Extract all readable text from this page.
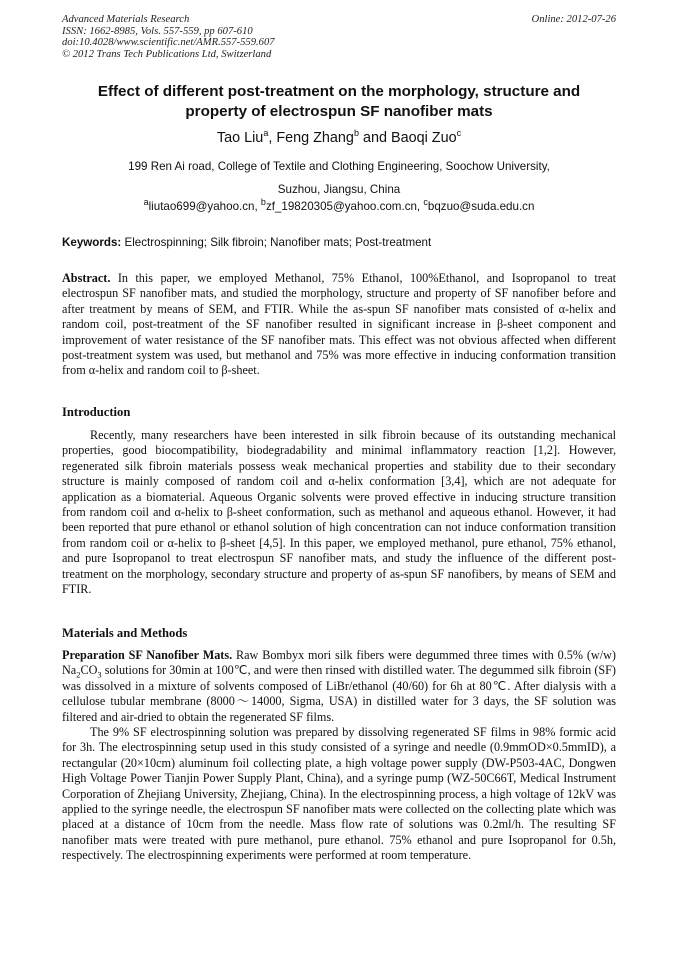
Advanced Materials Research
ISSN: 1662-8985, Vols. 557-559, pp 607-610
doi:10.4028/www.scientific.net/AMR.557-559.607
© 2012 Trans Tech Publications Ltd, Switzerland
Online: 2012-07-26
Effect of different post-treatment on the morphology, structure and
property of electrospun SF nanofiber mats
Tao Liu$^a$, Feng Zhang$^b$ and Baoqi Zuo$^c$
199 Ren Ai road, College of Textile and Clothing Engineering, Soochow University,
Suzhou, Jiangsu, China
$^a$liutao699@yahoo.cn, $^b$zf_19820305@yahoo.com.cn, $^c$bqzuo@suda.edu.cn
Keywords: Electrospinning; Silk fibroin; Nanofiber mats; Post-treatment

Abstract. In this paper, we employed Methanol, 75% Ethanol, 100%Ethanol, and Isopropanol to treat electrospun SF nanofiber mats, and studied the morphology, structure and property of SF nanofiber before and after treatment by means of SEM, and FTIR. While the as-spun SF nanofiber mats consisted of α-helix and random coil, post-treatment of the SF nanofiber resulted in significant increase in β-sheet component and improvement of water resistance of the SF nanofiber mats. This effect was not obvious affected when different post-treatment system was used, but methanol and 75% was more effective in inducing conformation transition from α-helix and random coil to β-sheet.

Introduction

Recently, many researchers have been interested in silk fibroin because of its outstanding mechanical properties, good biocompatibility, biodegradability and minimal inflammatory reaction [1,2]. However, regenerated silk fibroin materials possess weak mechanical properties and stability due to their secondary structure is mainly composed of random coil and α-helix conformation [3,4], which are not adequate for application as a biomaterial. Aqueous Organic solvents were proved effective in inducing structure transition from random coil and α-helix to β-sheet conformation, such as methanol and aqueous ethanol. However, it had been reported that pure ethanol or ethanol solution of high concentration can not induce conformation transition from random coil or α-helix to β-sheet [4,5]. In this paper, we employed methanol, pure ethanol, 75% ethanol, and pure Isopropanol to treat electrospun SF nanofiber mats, and study the influence of the different post-treatment on the morphology, secondary structure and property of as-spun SF nanofibers, by means of SEM and FTIR.

Materials and Methods

Preparation SF Nanofiber Mats. Raw Bombyx mori silk fibers were degummed three times with 0.5% (w/w) $Na_2CO_3$ solutions for 30min at 100℃, and were then rinsed with distilled water. The degummed silk fibroin (SF) was dissolved in a mixture of solvents composed of LiBr/ethanol (40/60) for 6h at 80℃. After dialysis with a cellulose tubular membrane (8000～14000, Sigma, USA) in distilled water for 3 days, the SF solution was filtered and air-dried to obtain the regenerated SF films.

The 9% SF electrospinning solution was prepared by dissolving regenerated SF films in 98% formic acid for 3h. The electrospinning setup used in this study consisted of a syringe and needle (0.9mmOD×0.5mmID), a rectangular (20×10cm) aluminum foil collecting plate, a high voltage power supply (DW-P503-4AC, Dongwen High Voltage Power Tianjin Power Supply Plant, China), and a syringe pump (WZ-50C66T, Medical Instrument Corporation of Zhejiang University, Zhejiang, China). In the electrospinning process, a high voltage of 12kV was applied to the syringe needle, the electrospun SF nanofiber mats were collected on the collecting plate which was placed at a distance of 10cm from the needle. Mass flow rate of solutions was 0.2ml/h. The resulting SF nanofiber mats were treated with pure methanol, pure ethanol. 75% ethanol and pure Isopropanol for 0.5h, respectively. The electrospinning experiments were performed at room temperature.
